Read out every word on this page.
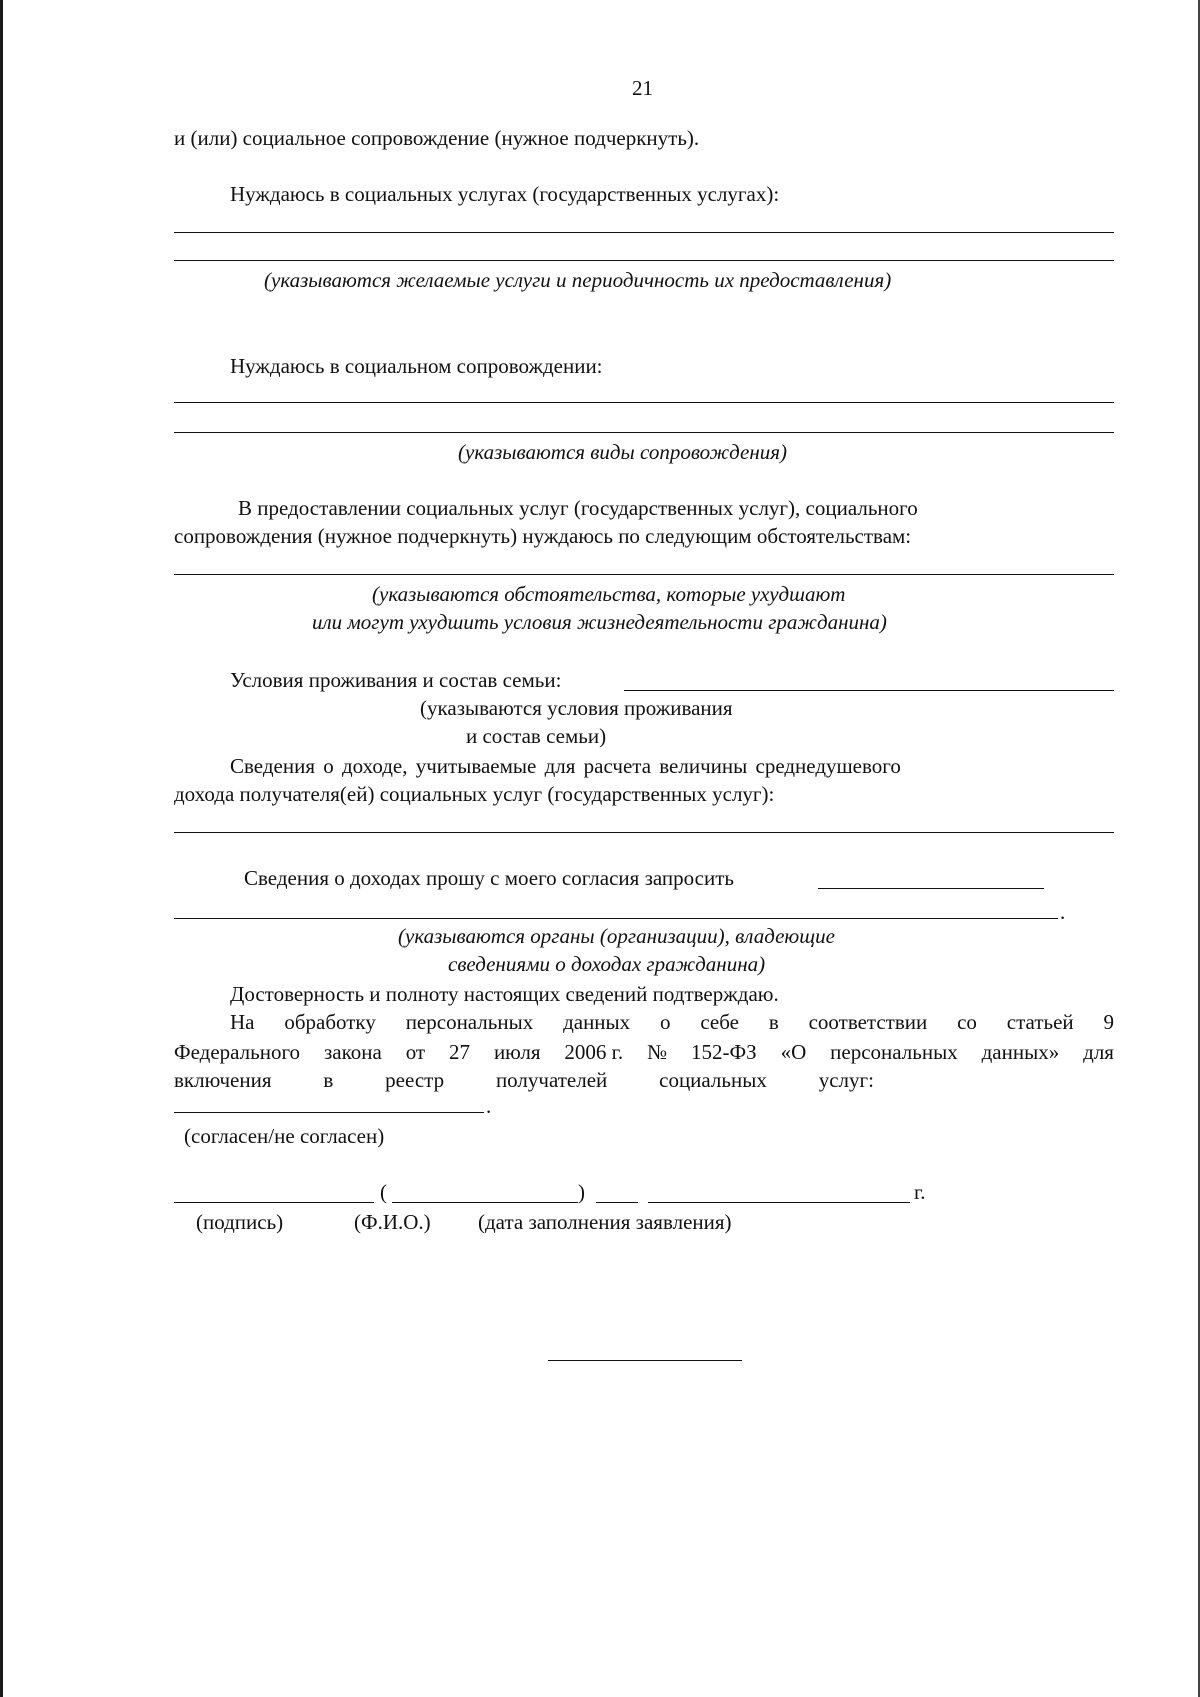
21
и (или) социальное сопровождение (нужное подчеркнуть).
Нуждаюсь в социальных услугах (государственных услугах):
(указываются желаемые услуги и периодичность их предоставления)
Нуждаюсь в социальном сопровождении:
(указываются виды сопровождения)
В предоставлении социальных услуг (государственных услуг), социального
сопровождения (нужное подчеркнуть) нуждаюсь по следующим обстоятельствам:
(указываются обстоятельства, которые ухудшают
или могут ухудшить условия жизнедеятельности гражданина)
Условия проживания и состав семьи:
(указываются условия проживания
и состав семьи)
Сведения о доходе, учитываемые для расчета величины среднедушевого
дохода получателя(ей) социальных услуг (государственных услуг):
Сведения о доходах прошу с моего согласия запросить
.
(указываются органы (организации), владеющие
сведениями о доходах гражданина)
Достоверность и полноту настоящих сведений подтверждаю.
На обработку персональных данных о себе в соответствии со статьей 9
Федерального закона от 27 июля 2006 г. № 152-ФЗ «О персональных данных» для
включения в реестр получателей социальных услуг:
.
(согласен/не согласен)
(	)	г.
(подпись)	(Ф.И.О.) (дата заполнения заявления)
